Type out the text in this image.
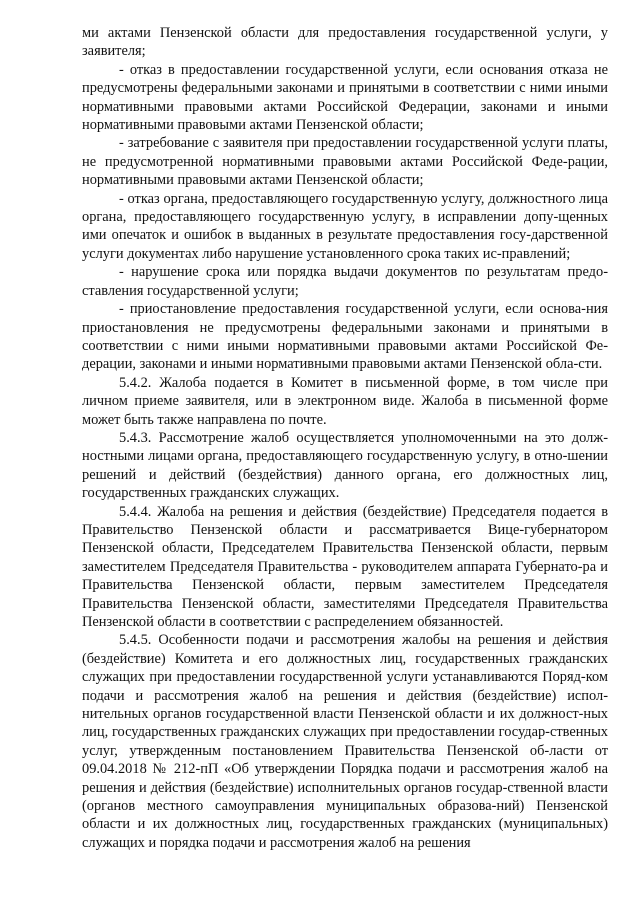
ми актами Пензенской области для предоставления государственной услуги, у заявителя;

- отказ в предоставлении государственной услуги, если основания отказа не предусмотрены федеральными законами и принятыми в соответствии с ними иными нормативными правовыми актами Российской Федерации, законами и иными нормативными правовыми актами Пензенской области;

- затребование с заявителя при предоставлении государственной услуги платы, не предусмотренной нормативными правовыми актами Российской Феде-рации, нормативными правовыми актами Пензенской области;

- отказ органа, предоставляющего государственную услугу, должностного лица органа, предоставляющего государственную услугу, в исправлении допу-щенных ими опечаток и ошибок в выданных в результате предоставления госу-дарственной услуги документах либо нарушение установленного срока таких ис-правлений;

- нарушение срока или порядка выдачи документов по результатам предо-ставления государственной услуги;

- приостановление предоставления государственной услуги, если основа-ния приостановления не предусмотрены федеральными законами и принятыми в соответствии с ними иными нормативными правовыми актами Российской Фе-дерации, законами и иными нормативными правовыми актами Пензенской обла-сти.

5.4.2. Жалоба подается в Комитет в письменной форме, в том числе при личном приеме заявителя, или в электронном виде. Жалоба в письменной форме может быть также направлена по почте.

5.4.3. Рассмотрение жалоб осуществляется уполномоченными на это долж-ностными лицами органа, предоставляющего государственную услугу, в отно-шении решений и действий (бездействия) данного органа, его должностных лиц, государственных гражданских служащих.

5.4.4. Жалоба на решения и действия (бездействие) Председателя подается в Правительство Пензенской области и рассматривается Вице-губернатором Пензенской области, Председателем Правительства Пензенской области, первым заместителем Председателя Правительства - руководителем аппарата Губернато-ра и Правительства Пензенской области, первым заместителем Председателя Правительства Пензенской области, заместителями Председателя Правительства Пензенской области в соответствии с распределением обязанностей.

5.4.5. Особенности подачи и рассмотрения жалобы на решения и действия (бездействие) Комитета и его должностных лиц, государственных гражданских служащих при предоставлении государственной услуги устанавливаются Поряд-ком подачи и рассмотрения жалоб на решения и действия (бездействие) испол-нительных органов государственной власти Пензенской области и их должност-ных лиц, государственных гражданских служащих при предоставлении государ-ственных услуг, утвержденным постановлением Правительства Пензенской об-ласти от 09.04.2018 № 212-пП «Об утверждении Порядка подачи и рассмотрения жалоб на решения и действия (бездействие) исполнительных органов государ-ственной власти (органов местного самоуправления муниципальных образова-ний) Пензенской области и их должностных лиц, государственных гражданских (муниципальных) служащих и порядка подачи и рассмотрения жалоб на решения
